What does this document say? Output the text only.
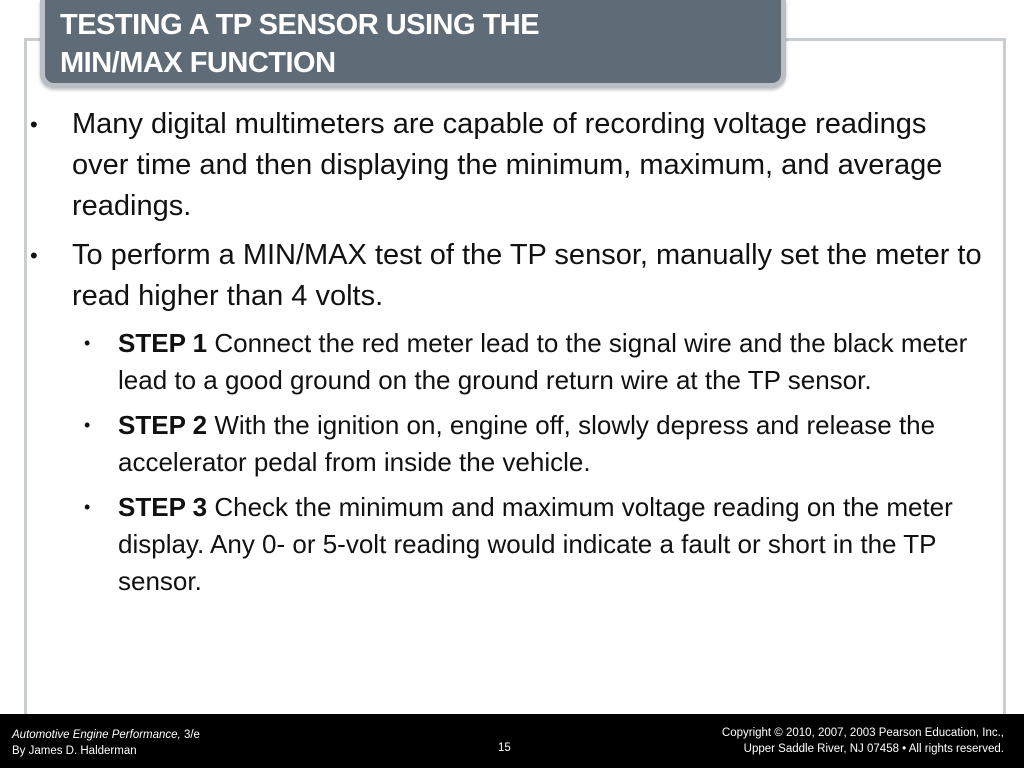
TESTING A TP SENSOR USING THE
MIN/MAX FUNCTION
• Many digital multimeters are capable of recording voltage readings over time and then displaying the minimum, maximum, and average readings.
• To perform a MIN/MAX test of the TP sensor, manually set the meter to read higher than 4 volts.
• STEP 1 Connect the red meter lead to the signal wire and the black meter lead to a good ground on the ground return wire at the TP sensor.
• STEP 2 With the ignition on, engine off, slowly depress and release the accelerator pedal from inside the vehicle.
• STEP 3 Check the minimum and maximum voltage reading on the meter display. Any 0- or 5-volt reading would indicate a fault or short in the TP sensor.
Automotive Engine Performance, 3/e
By James D. Halderman	15
Copyright © 2010, 2007, 2003 Pearson Education, Inc.,
Upper Saddle River, NJ 07458 • All rights reserved.
